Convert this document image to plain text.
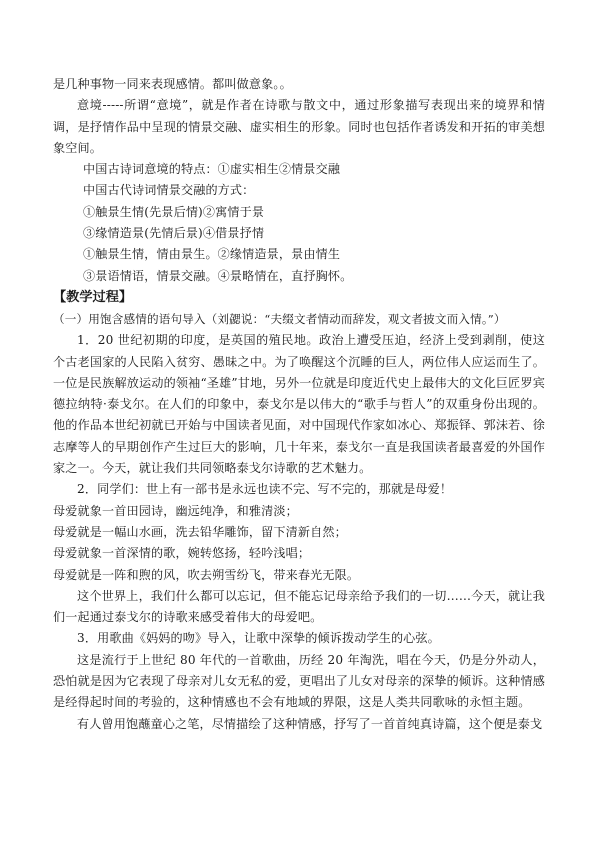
是几种事物一同来表现感情。都叫做意象。。

意境-----所谓“意境”，就是作者在诗歌与散文中，通过形象描写表现出来的境界和情调，是抒情作品中呈现的情景交融、虚实相生的形象。同时也包括作者诱发和开拓的审美想象空间。

中国古诗词意境的特点：①虚实相生②情景交融

中国古代诗词情景交融的方式：

①触景生情(先景后情)②寓情于景

③缘情造景(先情后景)④借景抒情

①触景生情，情由景生。②缘情造景，景由情生

③景语情语，情景交融。④景略情在，直抒胸怀。

【教学过程】

（一）用饱含感情的语句导入（刘勰说：“夫缀文者情动而辞发，观文者披文而入情。”）

1．20 世纪初期的印度，是英国的殖民地。政治上遭受压迫，经济上受到剥削，使这个古老国家的人民陷入贫穷、愚昧之中。为了唤醒这个沉睡的巨人，两位伟人应运而生了。一位是民族解放运动的领袖“圣雄”甘地，另外一位就是印度近代史上最伟大的文化巨匠罗宾德拉纳特·泰戈尔。在人们的印象中，泰戈尔是以伟大的“歌手与哲人”的双重身份出现的。他的作品本世纪初就已开始与中国读者见面，对中国现代作家如冰心、郑振铎、郭沫若、徐志摩等人的早期创作产生过巨大的影响，几十年来，泰戈尔一直是我国读者最喜爱的外国作家之一。今天，就让我们共同领略泰戈尔诗歌的艺术魅力。

2．同学们：世上有一部书是永远也读不完、写不完的，那就是母爱！

母爱就象一首田园诗，幽远纯净，和雅清淡；

母爱就是一幅山水画，洗去铅华雕饰，留下清新自然；

母爱就象一首深情的歌，婉转悠扬，轻吟浅唱；

母爱就是一阵和煦的风，吹去朔雪纷飞，带来春光无限。

这个世界上，我们什么都可以忘记，但不能忘记母亲给予我们的一切……今天，就让我们一起通过泰戈尔的诗歌来感受着伟大的母爱吧。

3．用歌曲《妈妈的吻》导入，让歌中深挚的倾诉拨动学生的心弦。

这是流行于上世纪 80 年代的一首歌曲，历经 20 年淘洗，唱在今天，仍是分外动人，恐怕就是因为它表现了母亲对儿女无私的爱，更唱出了儿女对母亲的深挚的倾诉。这种情感是经得起时间的考验的，这种情感也不会有地域的界限，这是人类共同歌咏的永恒主题。

有人曾用饱蘸童心之笔，尽情描绘了这种情感，抒写了一首首纯真诗篇，这个便是泰戈
